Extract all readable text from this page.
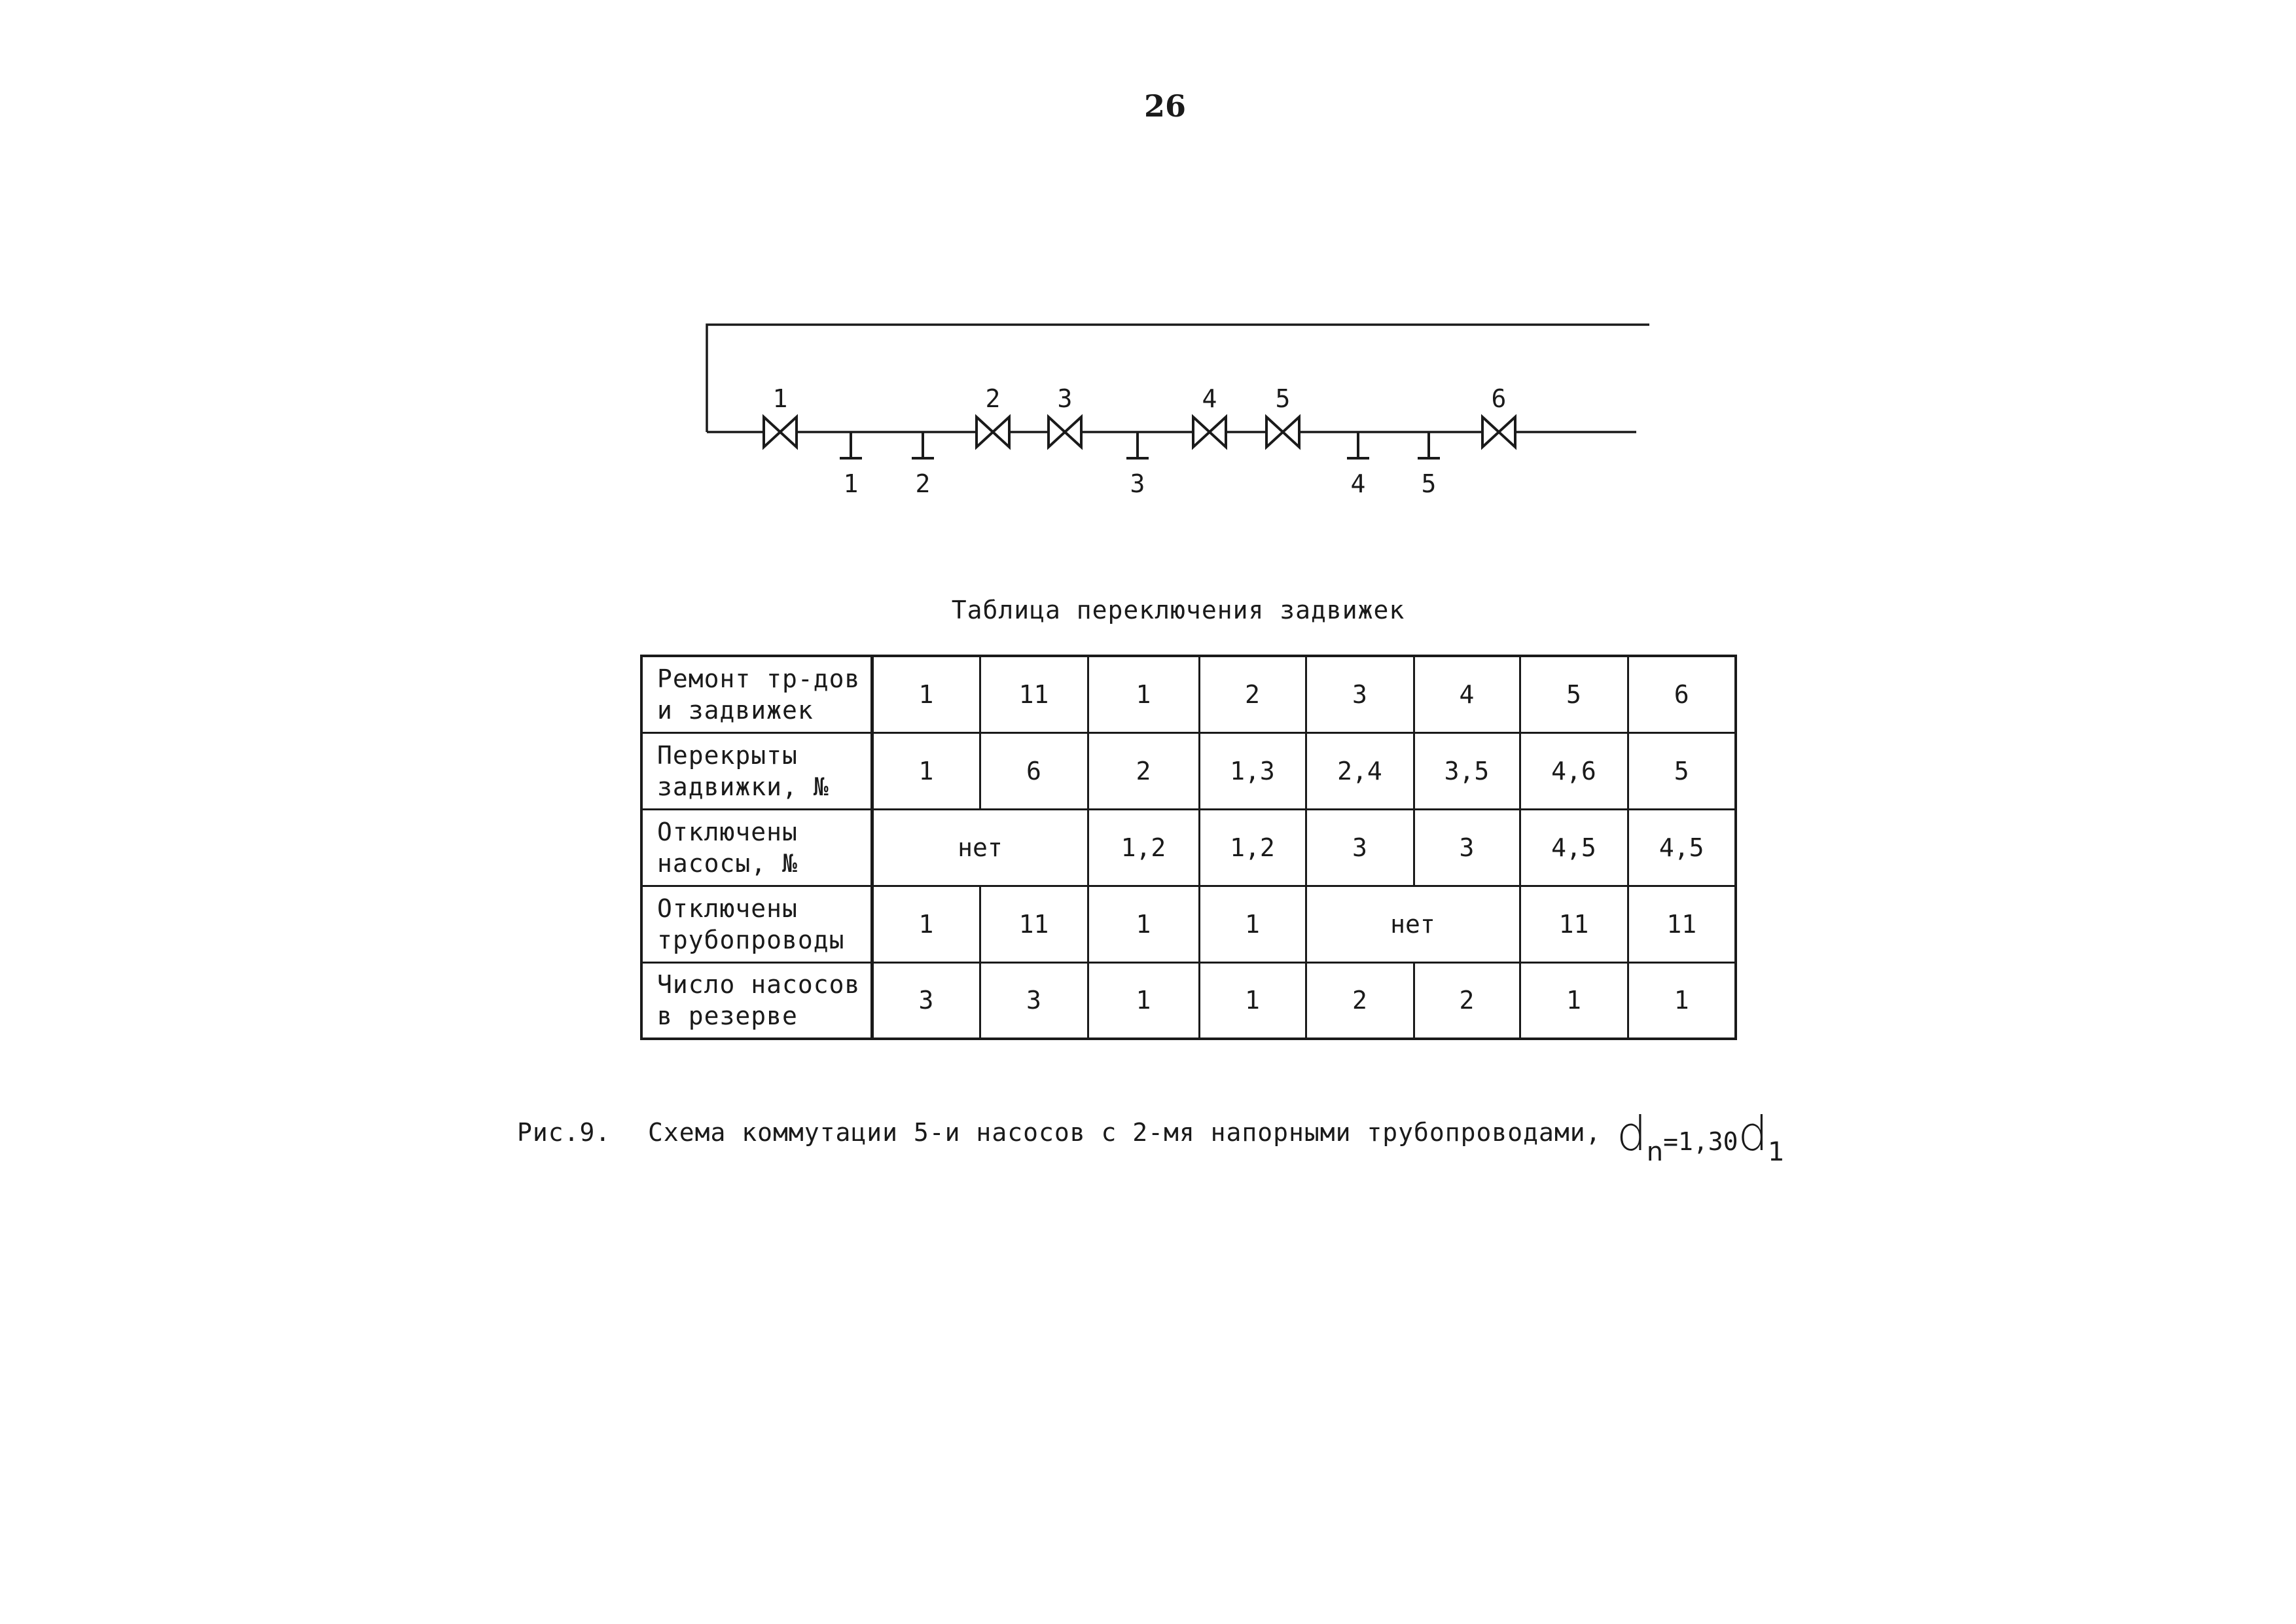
26
1	2 3	4 5	6
1 2	3	4 5
Таблица переключения задвижек
Ремонт тр-дов
и задвижек	1	11	1	2	3	4	5	6
Перекрыты
задвижки, №	1	6	2	1,3	2,4	3,5	4,6	5
Отключены
насосы, №	нет		1,2	1,2	3	3	4,5	4,5
Отключены
трубопроводы	1	11	1	1	нет		11	11
Число насосов
в резерве	3	3	1	1	2	2	1	1
Рис.9. Схема коммутации 5-и насосов с 2-мя напорными трубопроводами, dn=1,30d1
